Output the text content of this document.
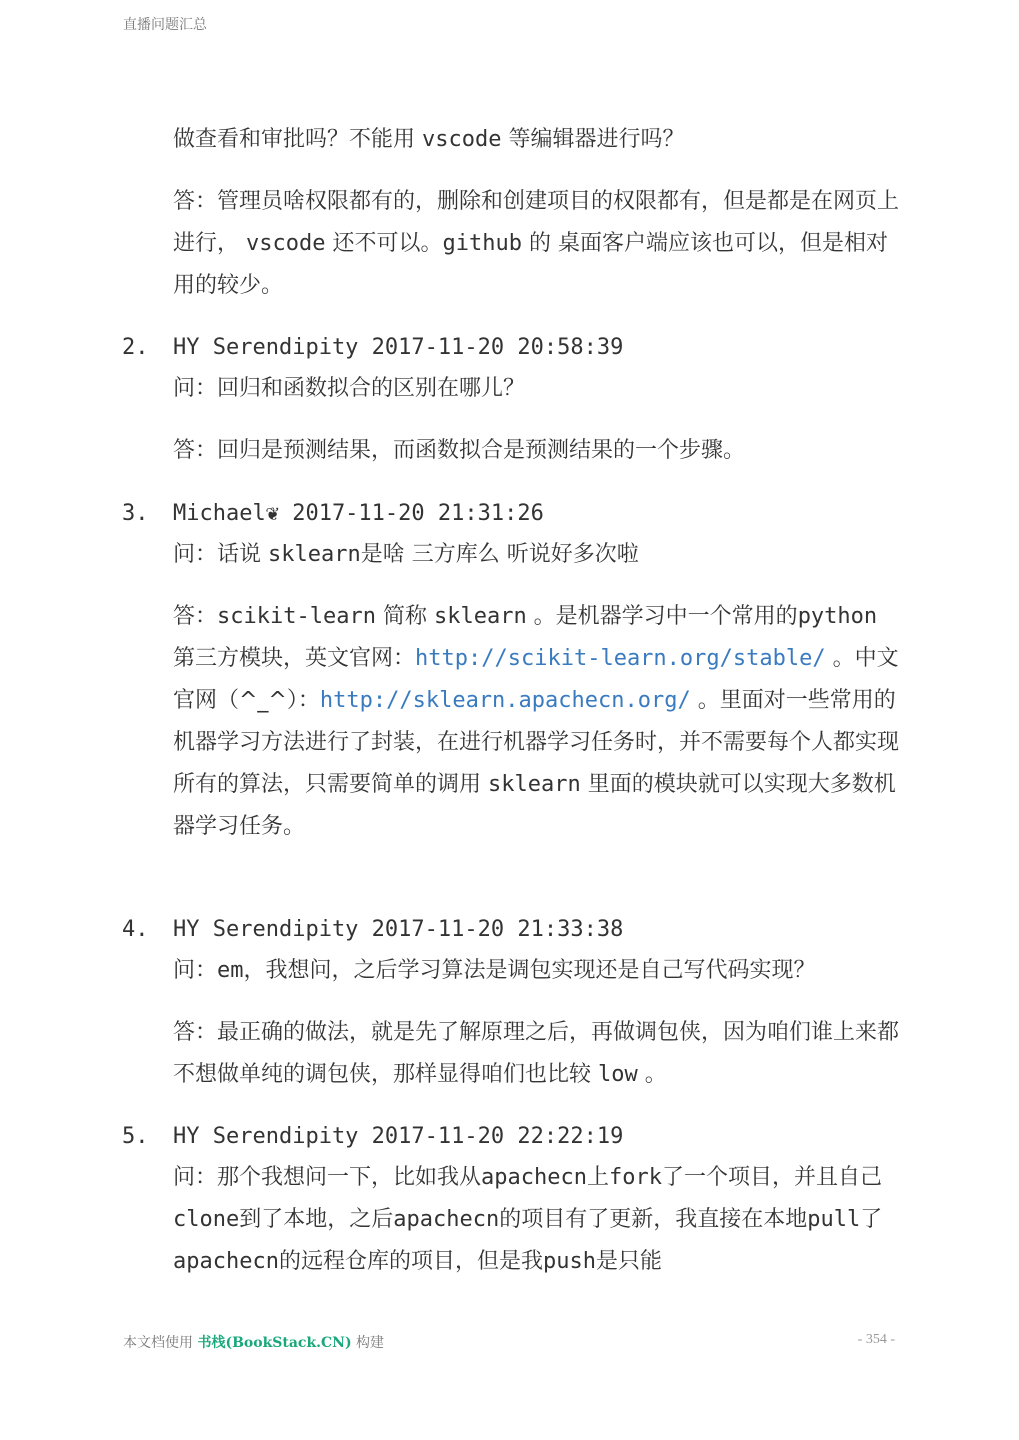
直播问题汇总
做查看和审批吗？不能用 vscode 等编辑器进行吗？
答：管理员啥权限都有的，删除和创建项目的权限都有，但是都是在网页上进行， vscode 还不可以。github 的 桌面客户端应该也可以，但是相对用的较少。
2. HY Serendipity 2017-11-20 20:58:39
问：回归和函数拟合的区别在哪儿？
答：回归是预测结果，而函数拟合是预测结果的一个步骤。
3. Michael❦ 2017-11-20 21:31:26
问：话说 sklearn是啥 三方库么 听说好多次啦
答：scikit-learn 简称 sklearn 。是机器学习中一个常用的python 第三方模块，英文官网：http://scikit-learn.org/stable/ 。中文官网（^_^）：http://sklearn.apachecn.org/ 。里面对一些常用的机器学习方法进行了封装，在进行机器学习任务时，并不需要每个人都实现所有的算法，只需要简单的调用 sklearn 里面的模块就可以实现大多数机器学习任务。
4. HY Serendipity 2017-11-20 21:33:38
问：em，我想问，之后学习算法是调包实现还是自己写代码实现？
答：最正确的做法，就是先了解原理之后，再做调包侠，因为咱们谁上来都不想做单纯的调包侠，那样显得咱们也比较 low 。
5. HY Serendipity 2017-11-20 22:22:19
问：那个我想问一下，比如我从apachecn上fork了一个项目，并且自己clone到了本地，之后apachecn的项目有了更新，我直接在本地pull了apachecn的远程仓库的项目，但是我push是只能
本文档使用 书栈(BookStack.CN) 构建	- 354 -
